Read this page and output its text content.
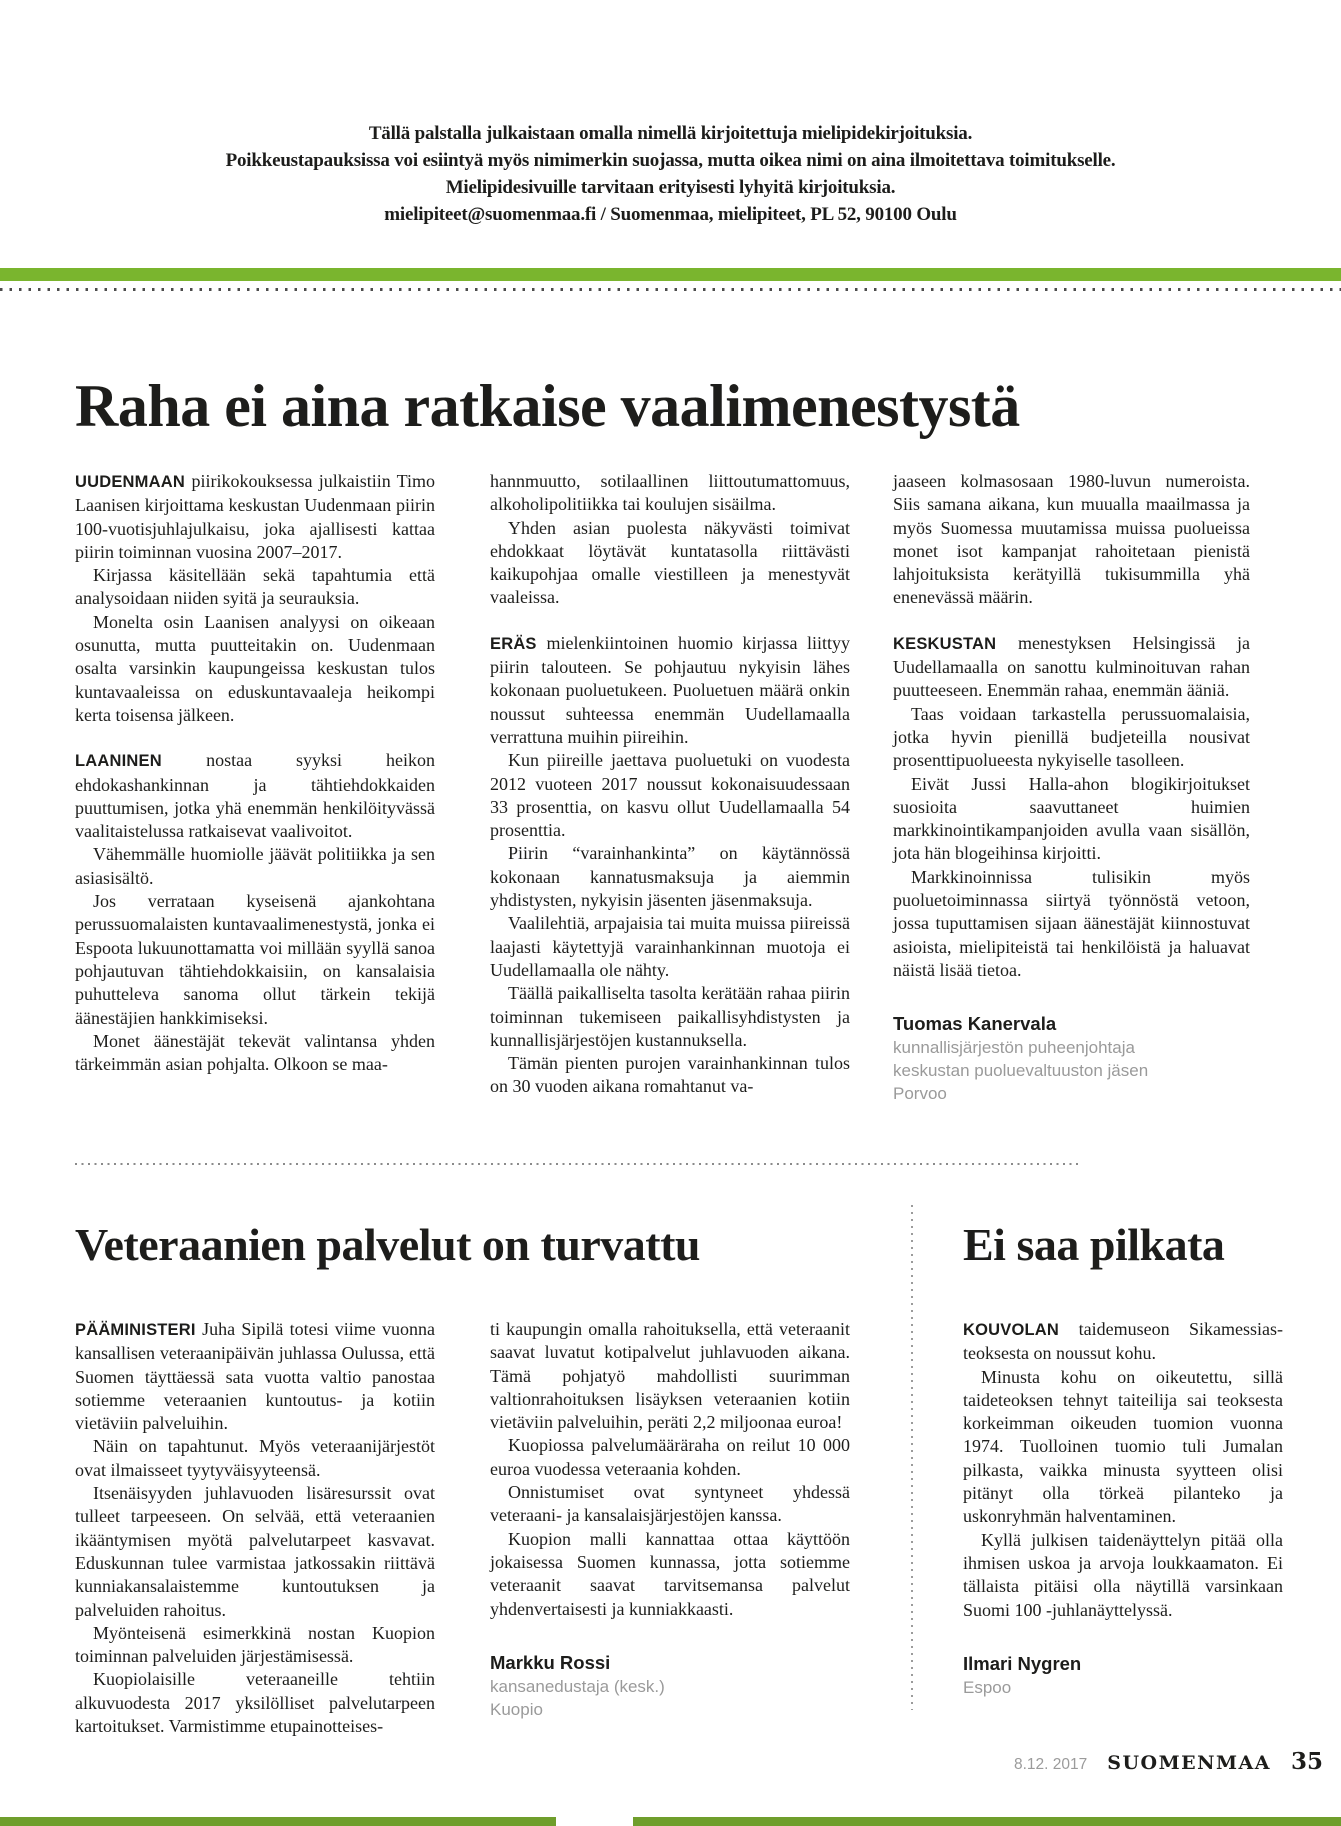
Tällä palstalla julkaistaan omalla nimellä kirjoitettuja mielipidekirjoituksia.

Poikkeustapauksissa voi esiintyä myös nimimerkin suojassa, mutta oikea nimi on aina ilmoitettava toimitukselle.

Mielipidesivuille tarvitaan erityisesti lyhyitä kirjoituksia.

mielipiteet@suomenmaa.fi / Suomenmaa, mielipiteet, PL 52, 90100 Oulu

Raha ei aina ratkaise vaalimenestystä

UUDENMAAN piirikokouksessa julkaistiin Timo Laanisen kirjoittama keskustan Uudenmaan piirin 100-vuotisjuhlajulkaisu, joka ajallisesti kattaa piirin toiminnan vuosina 2007–2017.

Kirjassa käsitellään sekä tapahtumia että analysoidaan niiden syitä ja seurauksia.

Monelta osin Laanisen analyysi on oikeaan osunutta, mutta puutteitakin on. Uudenmaan osalta varsinkin kaupungeissa keskustan tulos kuntavaaleissa on eduskuntavaaleja heikompi kerta toisensa jälkeen.

LAANINEN nostaa syyksi heikon ehdokashankinnan ja tähtiehdokkaiden puuttumisen, jotka yhä enemmän henkilöityvässä vaalitaistelussa ratkaisevat vaalivoitot.

Vähemmälle huomiolle jäävät politiikka ja sen asiasisältö.

Jos verrataan kyseisenä ajankohtana perussuomalaisten kuntavaalimenestystä, jonka ei Espoota lukuunottamatta voi millään syyllä sanoa pohjautuvan tähtiehdokkaisiin, on kansalaisia puhutteleva sanoma ollut tärkein tekijä äänestäjien hankkimiseksi.

Monet äänestäjät tekevät valintansa yhden tärkeimmän asian pohjalta. Olkoon se maa-

hannmuutto, sotilaallinen liittoutumattomuus, alkoholipolitiikka tai koulujen sisäilma.

Yhden asian puolesta näkyvästi toimivat ehdokkaat löytävät kuntatasolla riittävästi kaikupohjaa omalle viestilleen ja menestyvät vaaleissa.

ERÄS mielenkiintoinen huomio kirjassa liittyy piirin talouteen. Se pohjautuu nykyisin lähes kokonaan puoluetukeen. Puoluetuen määrä onkin noussut suhteessa enemmän Uudellamaalla verrattuna muihin piireihin.

Kun piireille jaettava puoluetuki on vuodesta 2012 vuoteen 2017 noussut kokonaisuudessaan 33 prosenttia, on kasvu ollut Uudellamaalla 54 prosenttia.

Piirin “varainhankinta” on käytännössä kokonaan kannatusmaksuja ja aiemmin yhdistysten, nykyisin jäsenten jäsenmaksuja.

Vaalilehtiä, arpajaisia tai muita muissa piireissä laajasti käytettyjä varainhankinnan muotoja ei Uudellamaalla ole nähty.

Täällä paikalliselta tasolta kerätään rahaa piirin toiminnan tukemiseen paikallisyhdistysten ja kunnallisjärjestöjen kustannuksella.

Tämän pienten purojen varainhankinnan tulos on 30 vuoden aikana romahtanut va-

jaaseen kolmasosaan 1980-luvun numeroista. Siis samana aikana, kun muualla maailmassa ja myös Suomessa muutamissa muissa puolueissa monet isot kampanjat rahoitetaan pienistä lahjoituksista kerätyillä tukisummilla yhä enenevässä määrin.

KESKUSTAN menestyksen Helsingissä ja Uudellamaalla on sanottu kulminoituvan rahan puutteeseen. Enemmän rahaa, enemmän ääniä.

Taas voidaan tarkastella perussuomalaisia, jotka hyvin pienillä budjeteilla nousivat prosenttipuolueesta nykyiselle tasolleen.

Eivät Jussi Halla-ahon blogikirjoitukset suosioita saavuttaneet huimien markkinointikampanjoiden avulla vaan sisällön, jota hän blogeihinsa kirjoitti.

Markkinoinnissa tulisikin myös puoluetoiminnassa siirtyä työnnöstä vetoon, jossa tuputtamisen sijaan äänestäjät kiinnostuvat asioista, mielipiteistä tai henkilöistä ja haluavat näistä lisää tietoa.

Tuomas Kanervala
kunnallisjärjestön puheenjohtaja
keskustan puoluevaltuuston jäsen
Porvoo
Veteraanien palvelut on turvattu

PÄÄMINISTERI Juha Sipilä totesi viime vuonna kansallisen veteraanipäivän juhlassa Oulussa, että Suomen täyttäessä sata vuotta valtio panostaa sotiemme veteraanien kuntoutus- ja kotiin vietäviin palveluihin.

Näin on tapahtunut. Myös veteraanijärjestöt ovat ilmaisseet tyytyväisyyteensä.

Itsenäisyyden juhlavuoden lisäresurssit ovat tulleet tarpeeseen. On selvää, että veteraanien ikääntymisen myötä palvelutarpeet kasvavat. Eduskunnan tulee varmistaa jatkossakin riittävä kunniakansalaistemme kuntoutuksen ja palveluiden rahoitus.

Myönteisenä esimerkkinä nostan Kuopion toiminnan palveluiden järjestämisessä.

Kuopiolaisille veteraaneille tehtiin alkuvuodesta 2017 yksilölliset palvelutarpeen kartoitukset. Varmistimme etupainotteises-

ti kaupungin omalla rahoituksella, että veteraanit saavat luvatut kotipalvelut juhlavuoden aikana. Tämä pohjatyö mahdollisti suurimman valtionrahoituksen lisäyksen veteraanien kotiin vietäviin palveluihin, peräti 2,2 miljoonaa euroa!

Kuopiossa palvelumääräraha on reilut 10 000 euroa vuodessa veteraania kohden.

Onnistumiset ovat syntyneet yhdessä veteraani- ja kansalaisjärjestöjen kanssa.

Kuopion malli kannattaa ottaa käyttöön jokaisessa Suomen kunnassa, jotta sotiemme veteraanit saavat tarvitsemansa palvelut yhdenvertaisesti ja kunniakkaasti.

Markku Rossi
kansanedustaja (kesk.)
Kuopio
Ei saa pilkata

KOUVOLAN taidemuseon Sikamessias-teoksesta on noussut kohu.

Minusta kohu on oikeutettu, sillä taideteoksen tehnyt taiteilija sai teoksesta korkeimman oikeuden tuomion vuonna 1974. Tuolloinen tuomio tuli Jumalan pilkasta, vaikka minusta syytteen olisi pitänyt olla törkeä pilanteko ja uskonryhmän halventaminen.

Kyllä julkisen taidenäyttelyn pitää olla ihmisen uskoa ja arvoja loukkaamaton. Ei tällaista pitäisi olla näytillä varsinkaan Suomi 100 -juhlanäyttelyssä.

Ilmari Nygren
Espoo
8.12. 2017 SUOMENMAA 35
